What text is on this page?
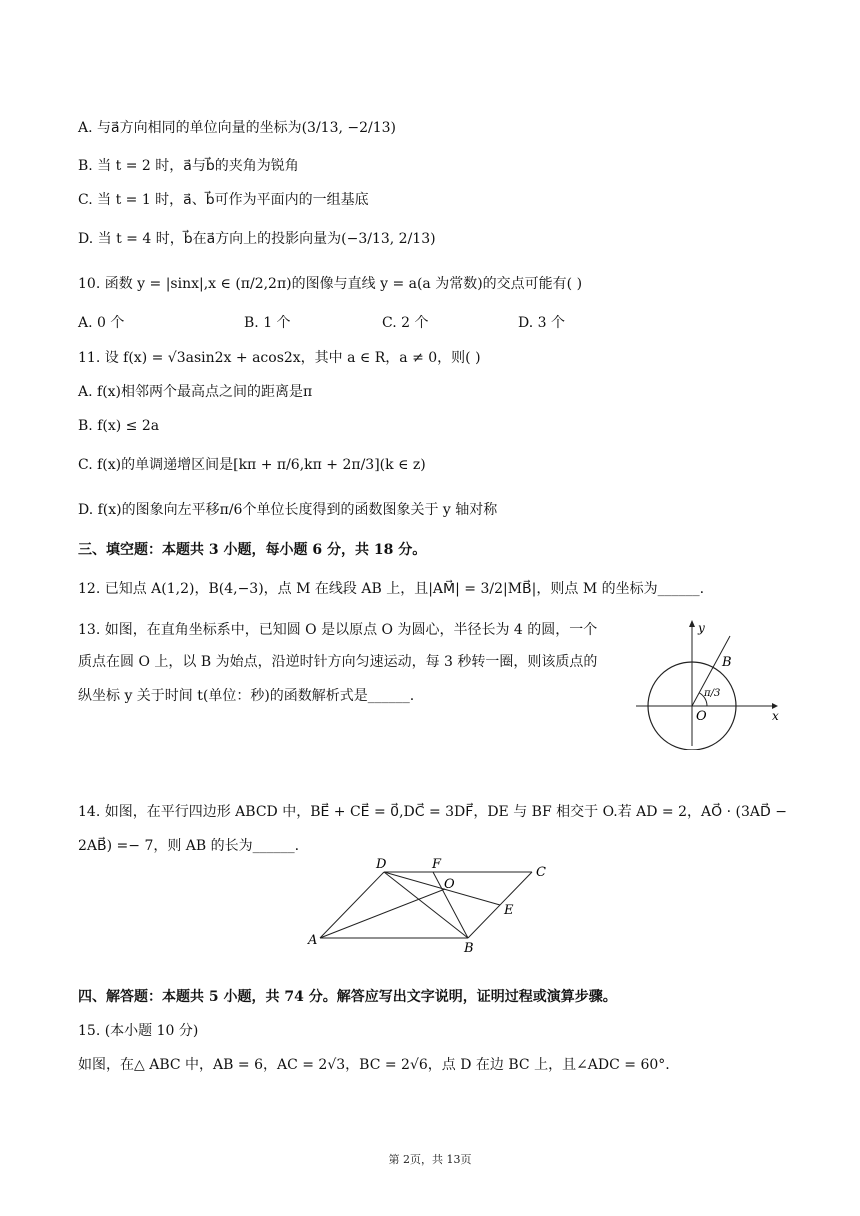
A. 与a⃗方向相同的单位向量的坐标为(3/13, −2/13)
B. 当 t = 2 时，a⃗与b⃗的夹角为锐角
C. 当 t = 1 时，a⃗、b⃗可作为平面内的一组基底
D. 当 t = 4 时，b⃗在a⃗方向上的投影向量为(−3/13, 2/13)
10. 函数 y = |sinx|,x ∈ (π/2,2π)的图像与直线 y = a(a 为常数)的交点可能有( )
A. 0 个	B. 1 个	C. 2 个	D. 3 个
11. 设 f(x) = √3asin2x + acos2x，其中 a ∈ R，a ≠ 0，则( )
A. f(x)相邻两个最高点之间的距离是π
B. f(x) ≤ 2a
C. f(x)的单调递增区间是[kπ + π/6,kπ + 2π/3](k ∈ z)
D. f(x)的图象向左平移π/6个单位长度得到的函数图象关于 y 轴对称
三、填空题：本题共 3 小题，每小题 6 分，共 18 分。
12. 已知点 A(1,2)，B(4,−3)，点 M 在线段 AB 上，且|AM⃗| = 3/2|MB⃗|，则点 M 的坐标为______.
13. 如图，在直角坐标系中，已知圆 O 是以原点 O 为圆心，半径长为 4 的圆，一个
质点在圆 O 上，以 B 为始点，沿逆时针方向匀速运动，每 3 秒转一圈，则该质点的
纵坐标 y 关于时间 t(单位：秒)的函数解析式是______.
y
x
B
O
π/3
14. 如图，在平行四边形 ABCD 中，BE⃗ + CE⃗ = 0⃗,DC⃗ = 3DF⃗，DE 与 BF 相交于 O.若 AD = 2，AO⃗ · (3AD⃗ −
2AB⃗) =− 7，则 AB 的长为______.
A
B
C
D
E
F
O
四、解答题：本题共 5 小题，共 74 分。解答应写出文字说明，证明过程或演算步骤。
15. (本小题 10 分)
如图，在△ ABC 中，AB = 6，AC = 2√3，BC = 2√6，点 D 在边 BC 上，且∠ADC = 60°.
第 2页，共 13页
